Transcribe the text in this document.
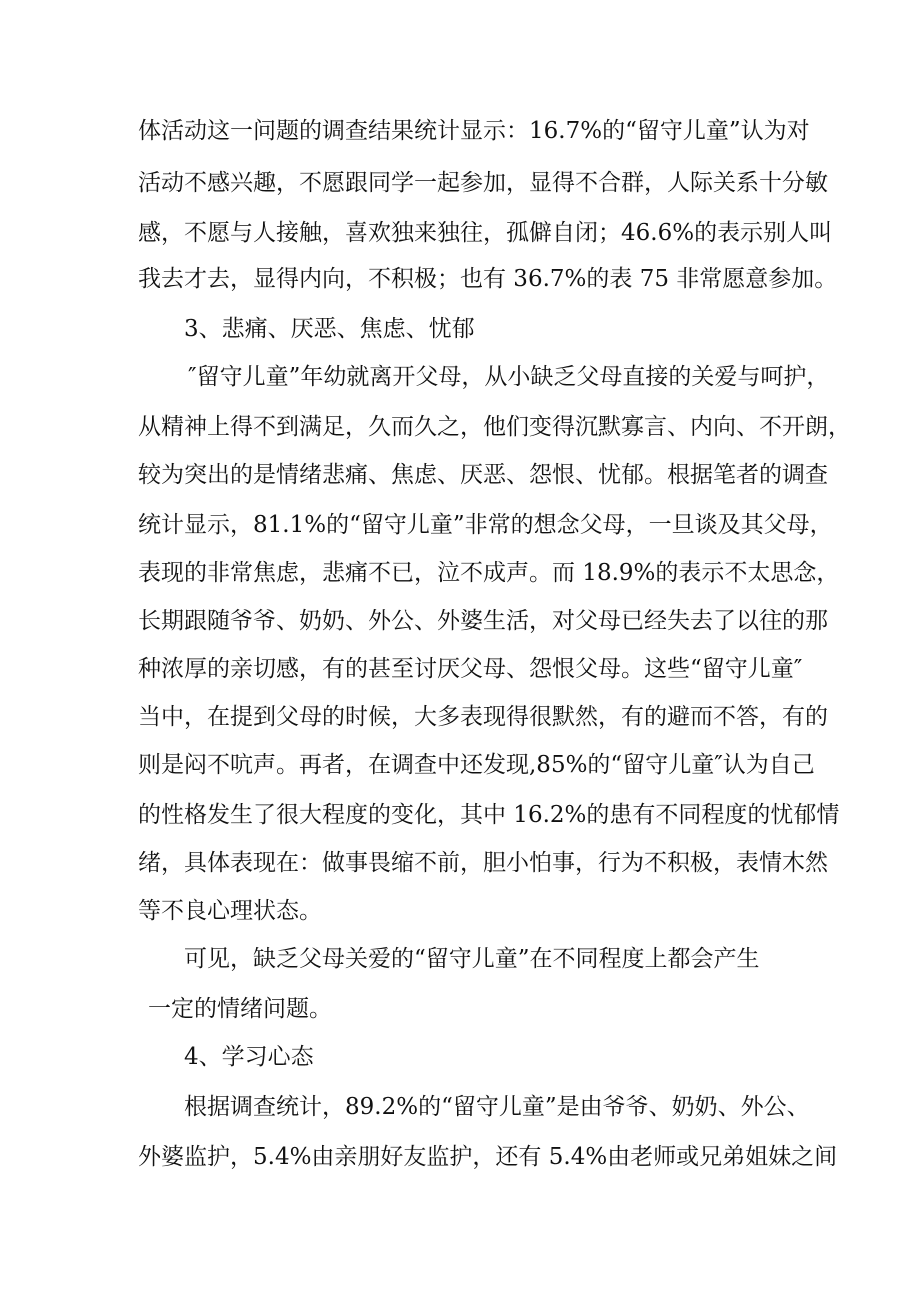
体活动这一问题的调查结果统计显示：16.7%的“留守儿童”认为对

活动不感兴趣，不愿跟同学一起参加，显得不合群，人际关系十分敏

感，不愿与人接触，喜欢独来独往，孤僻自闭；46.6%的表示别人叫

我去才去，显得内向，不积极；也有 36.7%的表 75 非常愿意参加。

3、悲痛、厌恶、焦虑、忧郁

″留守儿童”年幼就离开父母，从小缺乏父母直接的关爱与呵护，

从精神上得不到满足，久而久之，他们变得沉默寡言、内向、不开朗，

较为突出的是情绪悲痛、焦虑、厌恶、怨恨、忧郁。根据笔者的调查

统计显示，81.1%的“留守儿童”非常的想念父母，一旦谈及其父母，

表现的非常焦虑，悲痛不已，泣不成声。而 18.9%的表示不太思念，

长期跟随爷爷、奶奶、外公、外婆生活，对父母已经失去了以往的那

种浓厚的亲切感，有的甚至讨厌父母、怨恨父母。这些“留守儿童″

当中，在提到父母的时候，大多表现得很默然，有的避而不答，有的

则是闷不吭声。再者，在调查中还发现,85%的“留守儿童″认为自己

的性格发生了很大程度的变化，其中 16.2%的患有不同程度的忧郁情

绪，具体表现在：做事畏缩不前，胆小怕事，行为不积极，表情木然

等不良心理状态。

可见，缺乏父母关爱的“留守儿童”在不同程度上都会产生

一定的情绪问题。

4、学习心态

根据调查统计，89.2%的“留守儿童”是由爷爷、奶奶、外公、

外婆监护，5.4%由亲朋好友监护，还有 5.4%由老师或兄弟姐妹之间
